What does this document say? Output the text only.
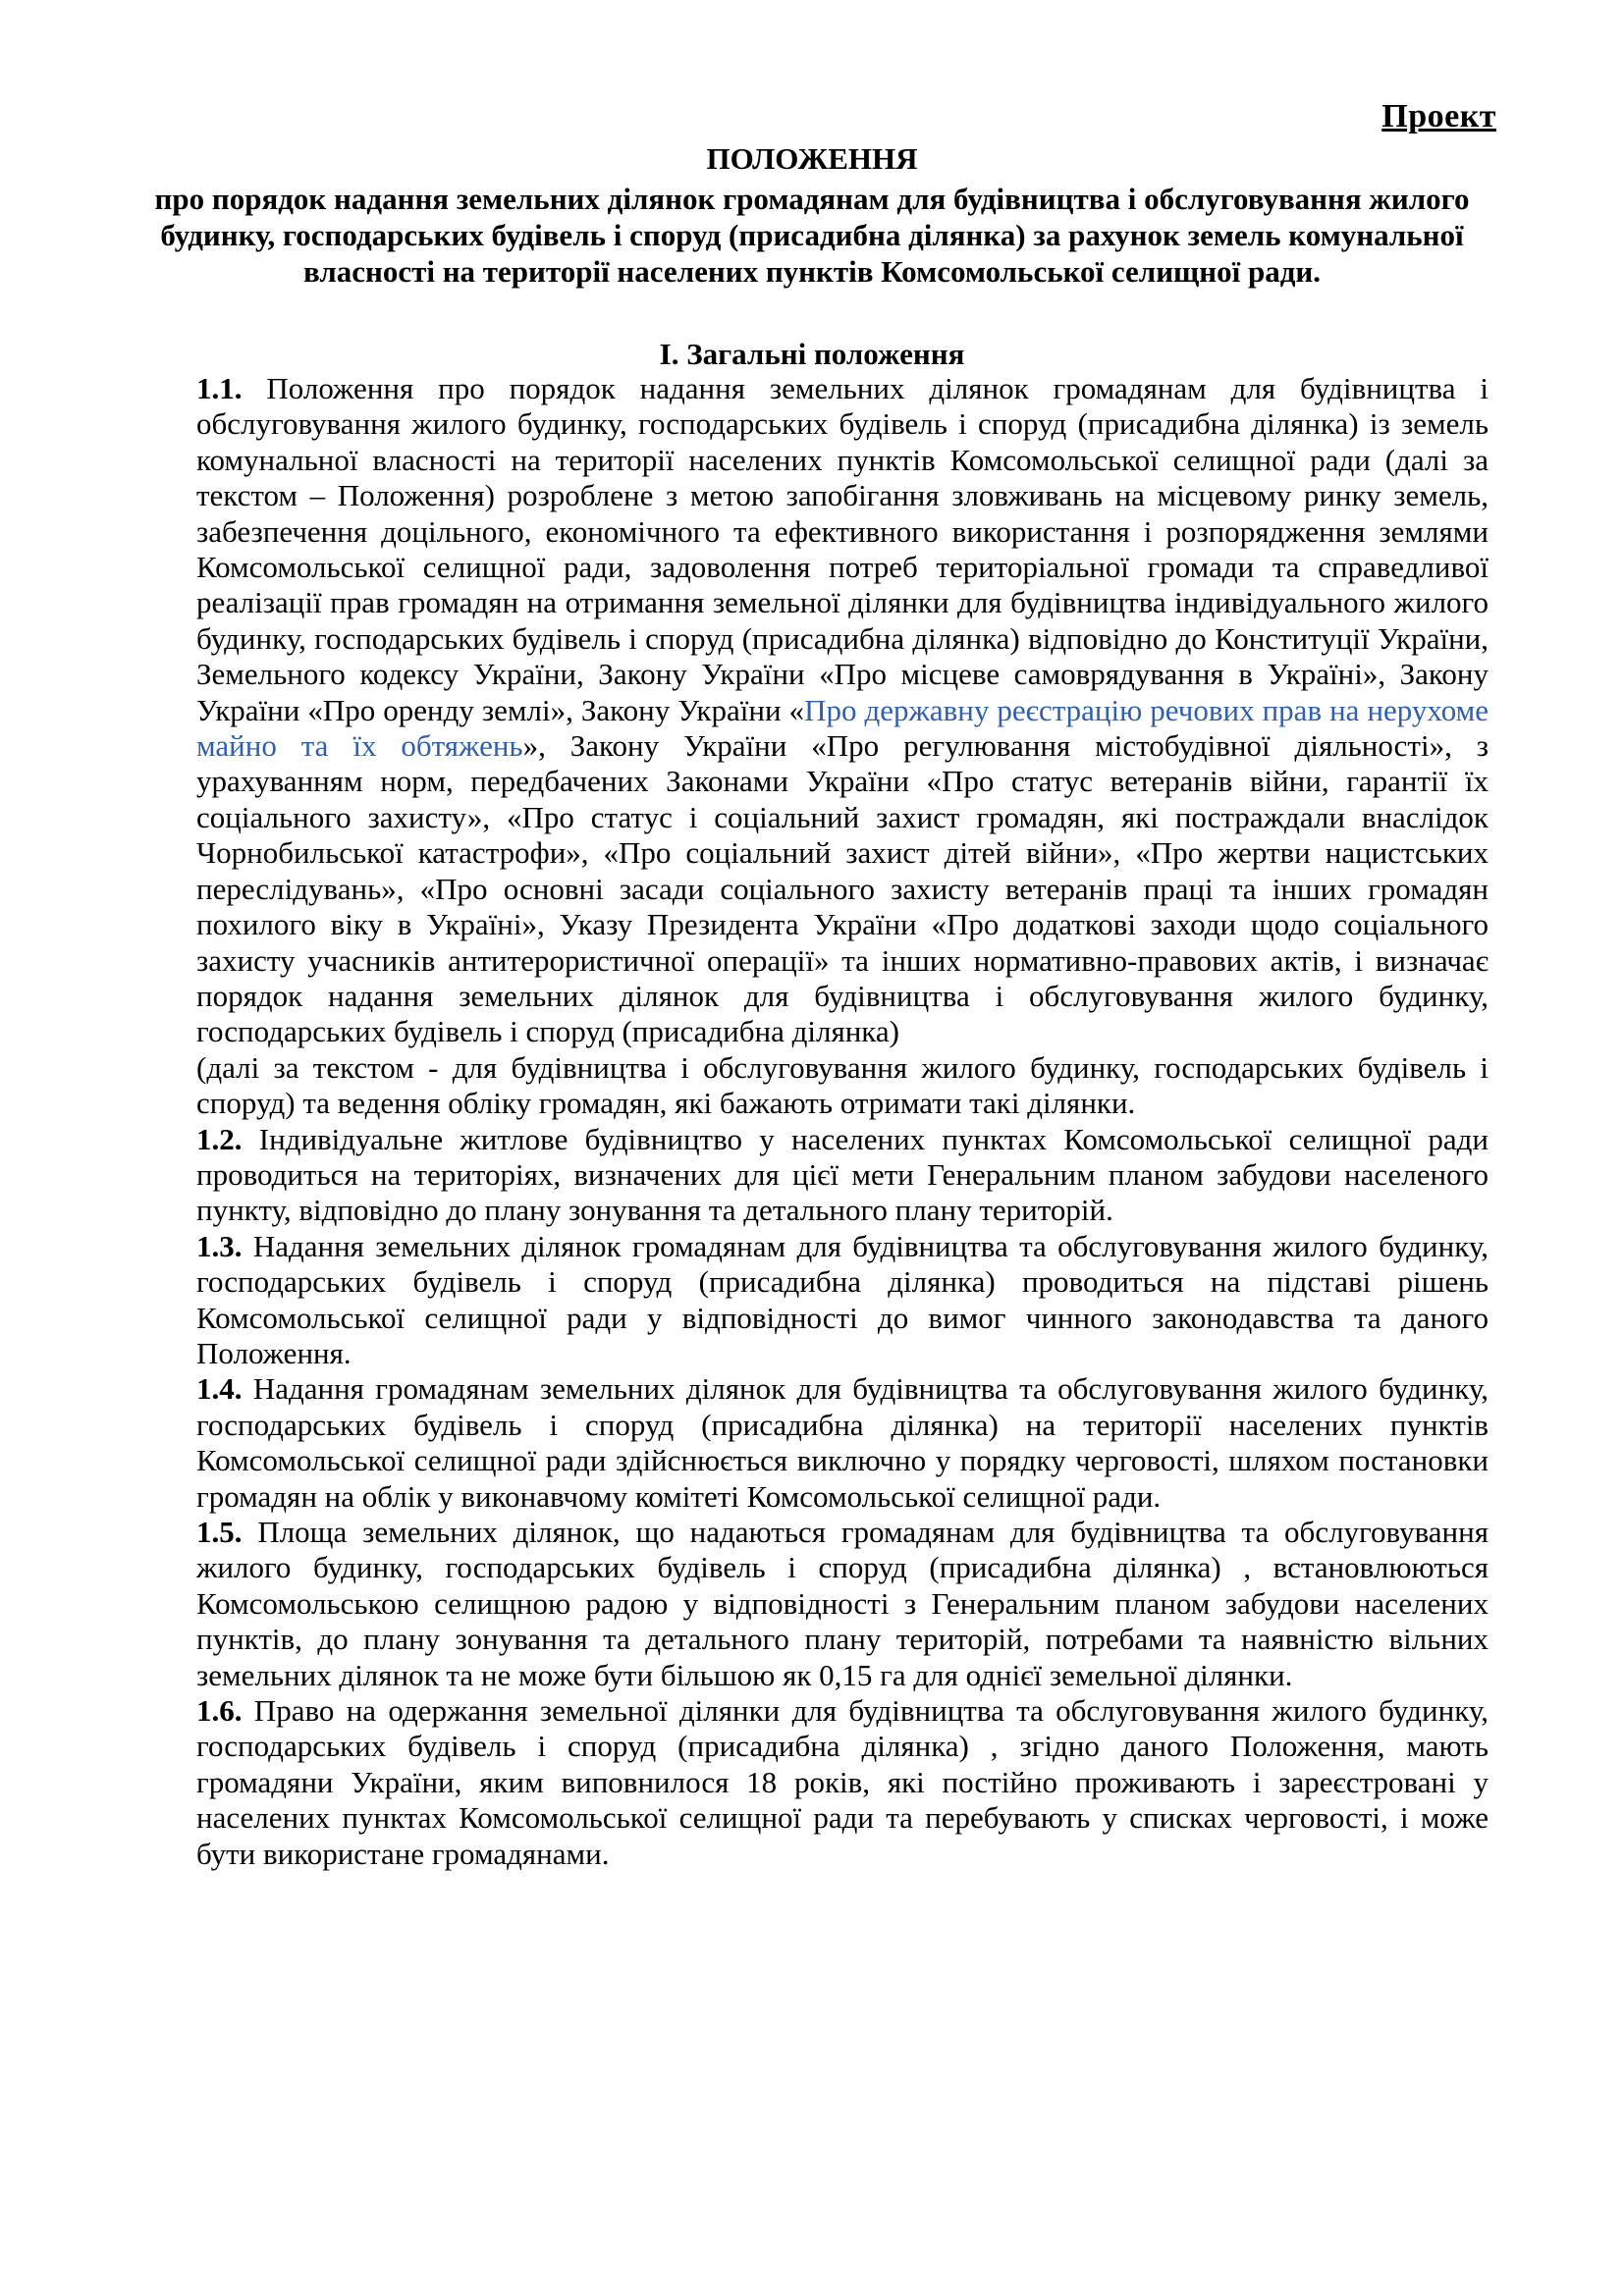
Проект
ПОЛОЖЕННЯ
про порядок надання земельних ділянок громадянам для будівництва і обслуговування жилого будинку, господарських будівель і споруд (присадибна ділянка) за рахунок земель комунальної власності на території населених пунктів Комсомольської селищної ради.
І. Загальні положення

1.1. Положення про порядок надання земельних ділянок громадянам для будівництва і обслуговування жилого будинку, господарських будівель і споруд (присадибна ділянка) із земель комунальної власності на території населених пунктів Комсомольської селищної ради (далі за текстом – Положення) розроблене з метою запобігання зловживань на місцевому ринку земель, забезпечення доцільного, економічного та ефективного використання і розпорядження землями Комсомольської селищної ради, задоволення потреб територіальної громади та справедливої реалізації прав громадян на отримання земельної ділянки для будівництва індивідуального жилого будинку, господарських будівель і споруд (присадибна ділянка) відповідно до Конституції України, Земельного кодексу України, Закону України «Про місцеве самоврядування в Україні», Закону України «Про оренду землі», Закону України «Про державну реєстрацію речових прав на нерухоме майно та їх обтяжень», Закону України «Про регулювання містобудівної діяльності», з урахуванням норм, передбачених Законами України «Про статус ветеранів війни, гарантії їх соціального захисту», «Про статус і соціальний захист громадян, які постраждали внаслідок Чорнобильської катастрофи», «Про соціальний захист дітей війни», «Про жертви нацистських переслідувань», «Про основні засади соціального захисту ветеранів праці та інших громадян похилого віку в Україні», Указу Президента України «Про додаткові заходи щодо соціального захисту учасників антитерористичної операції» та інших нормативно-правових актів, і визначає порядок надання земельних ділянок для будівництва і обслуговування жилого будинку, господарських будівель і споруд (присадибна ділянка)

(далі за текстом - для будівництва і обслуговування жилого будинку, господарських будівель і споруд) та ведення обліку громадян, які бажають отримати такі ділянки.

1.2. Індивідуальне житлове будівництво у населених пунктах Комсомольської селищної ради проводиться на територіях, визначених для цієї мети Генеральним планом забудови населеного пункту, відповідно до плану зонування та детального плану територій.

1.3. Надання земельних ділянок громадянам для будівництва та обслуговування жилого будинку, господарських будівель і споруд (присадибна ділянка) проводиться на підставі рішень Комсомольської селищної ради у відповідності до вимог чинного законодавства та даного Положення.

1.4. Надання громадянам земельних ділянок для будівництва та обслуговування жилого будинку, господарських будівель і споруд (присадибна ділянка) на території населених пунктів Комсомольської селищної ради здійснюється виключно у порядку черговості, шляхом постановки громадян на облік у виконавчому комітеті Комсомольської селищної ради.

1.5. Площа земельних ділянок, що надаються громадянам для будівництва та обслуговування жилого будинку, господарських будівель і споруд (присадибна ділянка) , встановлюються Комсомольською селищною радою у відповідності з Генеральним планом забудови населених пунктів, до плану зонування та детального плану територій, потребами та наявністю вільних земельних ділянок та не може бути більшою як 0,15 га для однієї земельної ділянки.

1.6. Право на одержання земельної ділянки для будівництва та обслуговування жилого будинку, господарських будівель і споруд (присадибна ділянка) , згідно даного Положення, мають громадяни України, яким виповнилося 18 років, які постійно проживають і зареєстровані у населених пунктах Комсомольської селищної ради та перебувають у списках черговості, і може бути використане громадянами.
